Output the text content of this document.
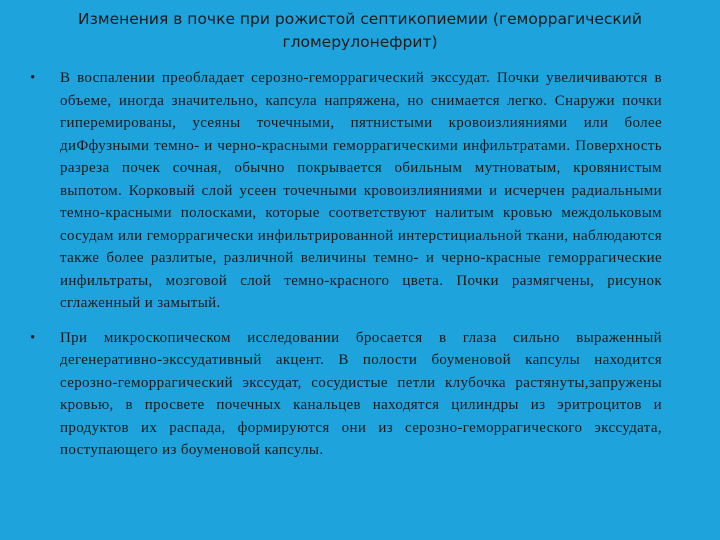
Изменения в почке при рожистой септикопиемии (геморрагический гломерулонефрит)
• В воспалении преобладает серозно-геморрагический экссудат. Почки увеличиваются в объеме, иногда значительно, капсула напряжена, но снимается легко. Снаружи почки гиперемированы, усеяны точечными, пятнистыми кровоизлияниями или более диФфузными темно- и черно-красными геморрагическими инфильтратами. Поверхность разреза почек сочная, обычно покрывается обильным мутноватым, кровянистым выпотом. Корковый слой усеен точечными кровоизлияниями и исчерчен радиальными темно-красными полосками, которые соответствуют налитым кровью междольковым сосудам или геморрагически инфильтрированной интерстициальной ткани, наблюдаются также более разлитые, различной величины темно- и черно-красные геморрагические инфильтраты, мозговой слой темно-красного цвета. Почки размягчены, рисунок сглаженный и замытый.
• При микроскопическом исследовании бросается в глаза сильно выраженный дегенеративно-экссудативный акцент. В полости боуменовой капсулы находится серозно-геморрагический экссудат, сосудистые петли клубочка растянуты,запружены кровью, в просвете почечных канальцев находятся цилиндры из эритроцитов и продуктов их распада, формируются они из серозно-геморрагического экссудата, поступающего из боуменовой капсулы.
